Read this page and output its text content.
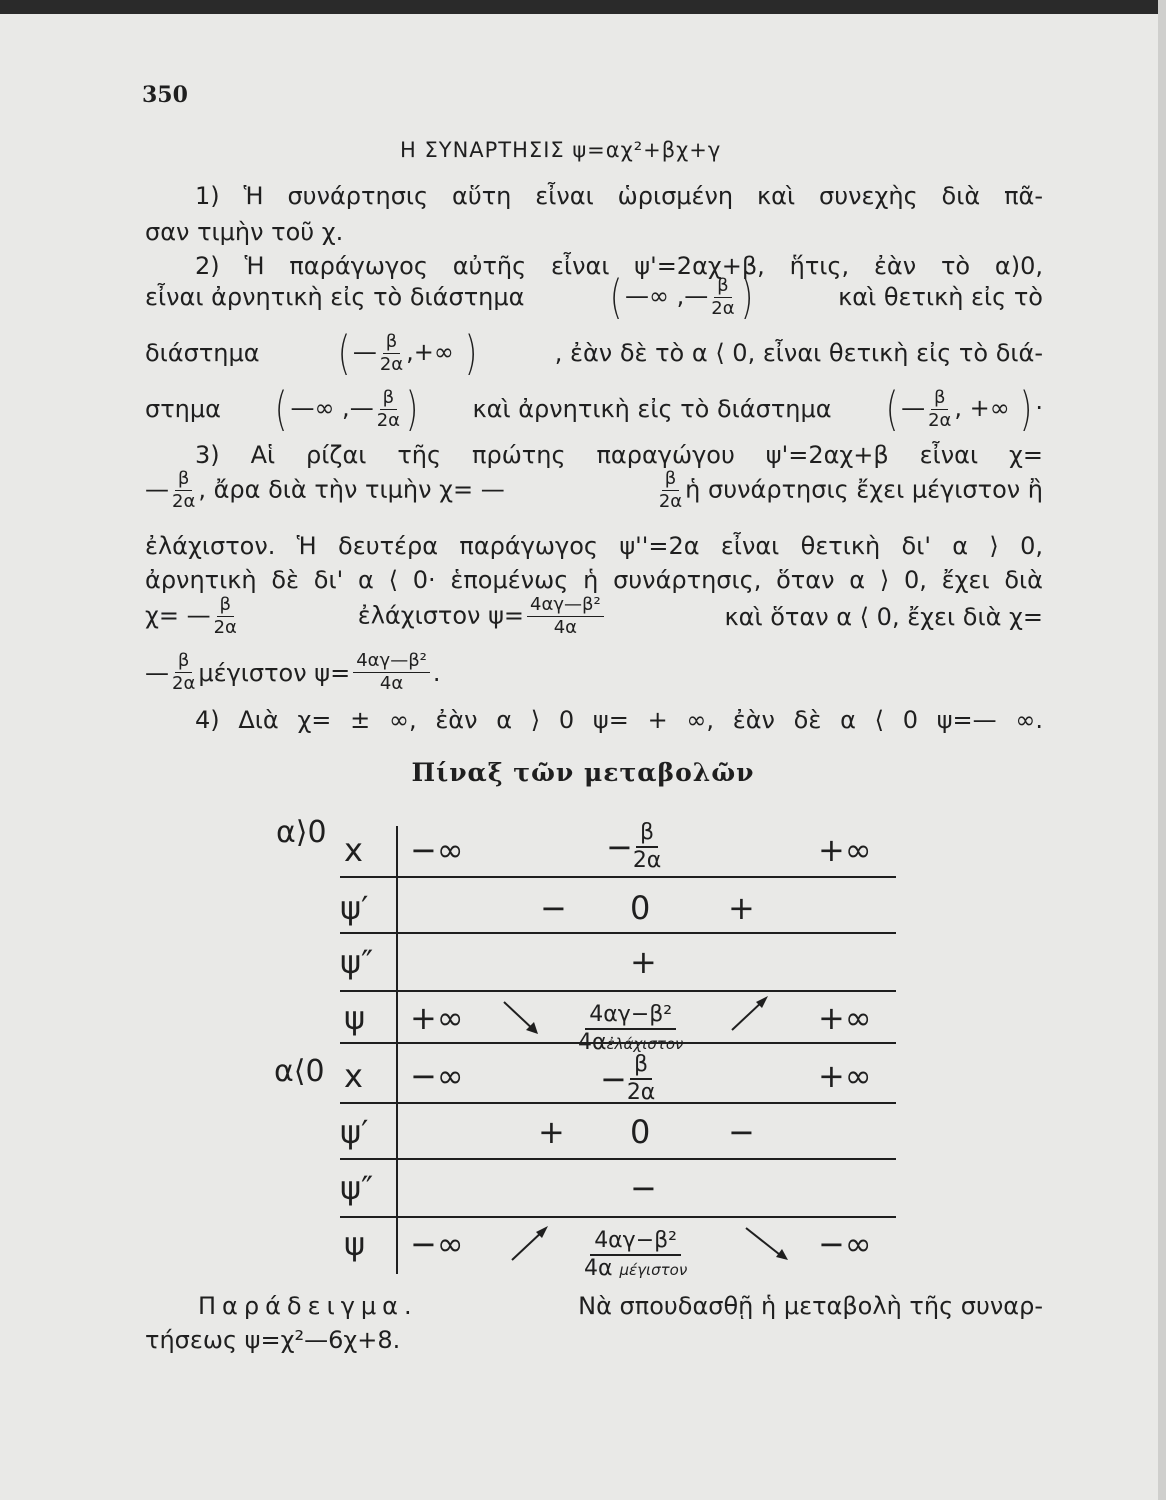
350
Η ΣΥΝΑΡΤΗΣΙΣ ψ=αχ²+βχ+γ
1) Ἡ συνάρτησις αὕτη εἶναι ὡρισμένη καὶ συνεχὴς διὰ πᾶ-
σαν τιμὴν τοῦ χ.
2) Ἡ παράγωγος αὐτῆς εἶναι ψ'=2αχ+β, ἥτις, ἐὰν τὸ α)0,
εἶναι ἀρνητικὴ εἰς τὸ διάστημα ( —∞ ,— $\frac{\beta}{2\alpha}$ )	καὶ θετικὴ εἰς τὸ
διάστημα ( — $\frac{\beta}{2\alpha}$ ,+∞ )	, ἐὰν δὲ τὸ α ⟨ 0, εἶναι θετικὴ εἰς τὸ διά-
στημα ( —∞ ,— $\frac{\beta}{2\alpha}$ ) καὶ ἀρνητικὴ εἰς τὸ διάστημα ( — $\frac{\beta}{2\alpha}$ , +∞ ) ·
3) Αἱ ρίζαι τῆς πρώτης παραγώγου ψ'=2αχ+β εἶναι χ=
— $\frac{\beta}{2\alpha}$ , ἄρα διὰ τὴν τιμὴν χ= —	$\frac{\beta}{2\alpha}$ ἡ συνάρτησις ἔχει μέγιστον ἢ
ἐλάχιστον. Ἡ δευτέρα παράγωγος ψ''=2α εἶναι θετικὴ δι' α ⟩ 0,
ἀρνητικὴ δὲ δι' α ⟨ 0· ἑπομένως ἡ συνάρτησις, ὅταν α ⟩ 0, ἔχει διὰ
χ= — $\frac{\beta}{2\alpha}$	ἐλάχιστον $\psi= \frac{\text{4αγ—β²}}{4\alpha}$	καὶ ὅταν α ⟨ 0, ἔχει διὰ χ=
— $\frac{\beta}{2\alpha}$ μέγιστον $\psi= \frac{\text{4αγ—β²}}{4\alpha}$ .
4) Διὰ χ= ± ∞, ἐὰν α ⟩ 0 ψ= + ∞, ἐὰν δὲ α ⟨ 0 ψ=— ∞.
Πίναξ τῶν μεταβολῶν
α⟩0
α⟨0
x −∞	− $\frac{\beta}{2\alpha}$	+∞
ψ′	− 0 +
ψ″	+
ψ +∞	$\frac{\text{4αγ−β²}}{\text{4αἐλάχιστον}}$	+∞
x −∞	− $\frac{\beta}{2\alpha}$	+∞
ψ′	+ 0 −
ψ″	−
ψ −∞	$\frac{\text{4αγ−β²}}{\text{4α μέγιστον}}$	−∞
Παράδειγμα.	Νὰ σπουδασθῇ ἡ μεταβολὴ τῆς συναρ-
τήσεως ψ=χ²—6χ+8.
